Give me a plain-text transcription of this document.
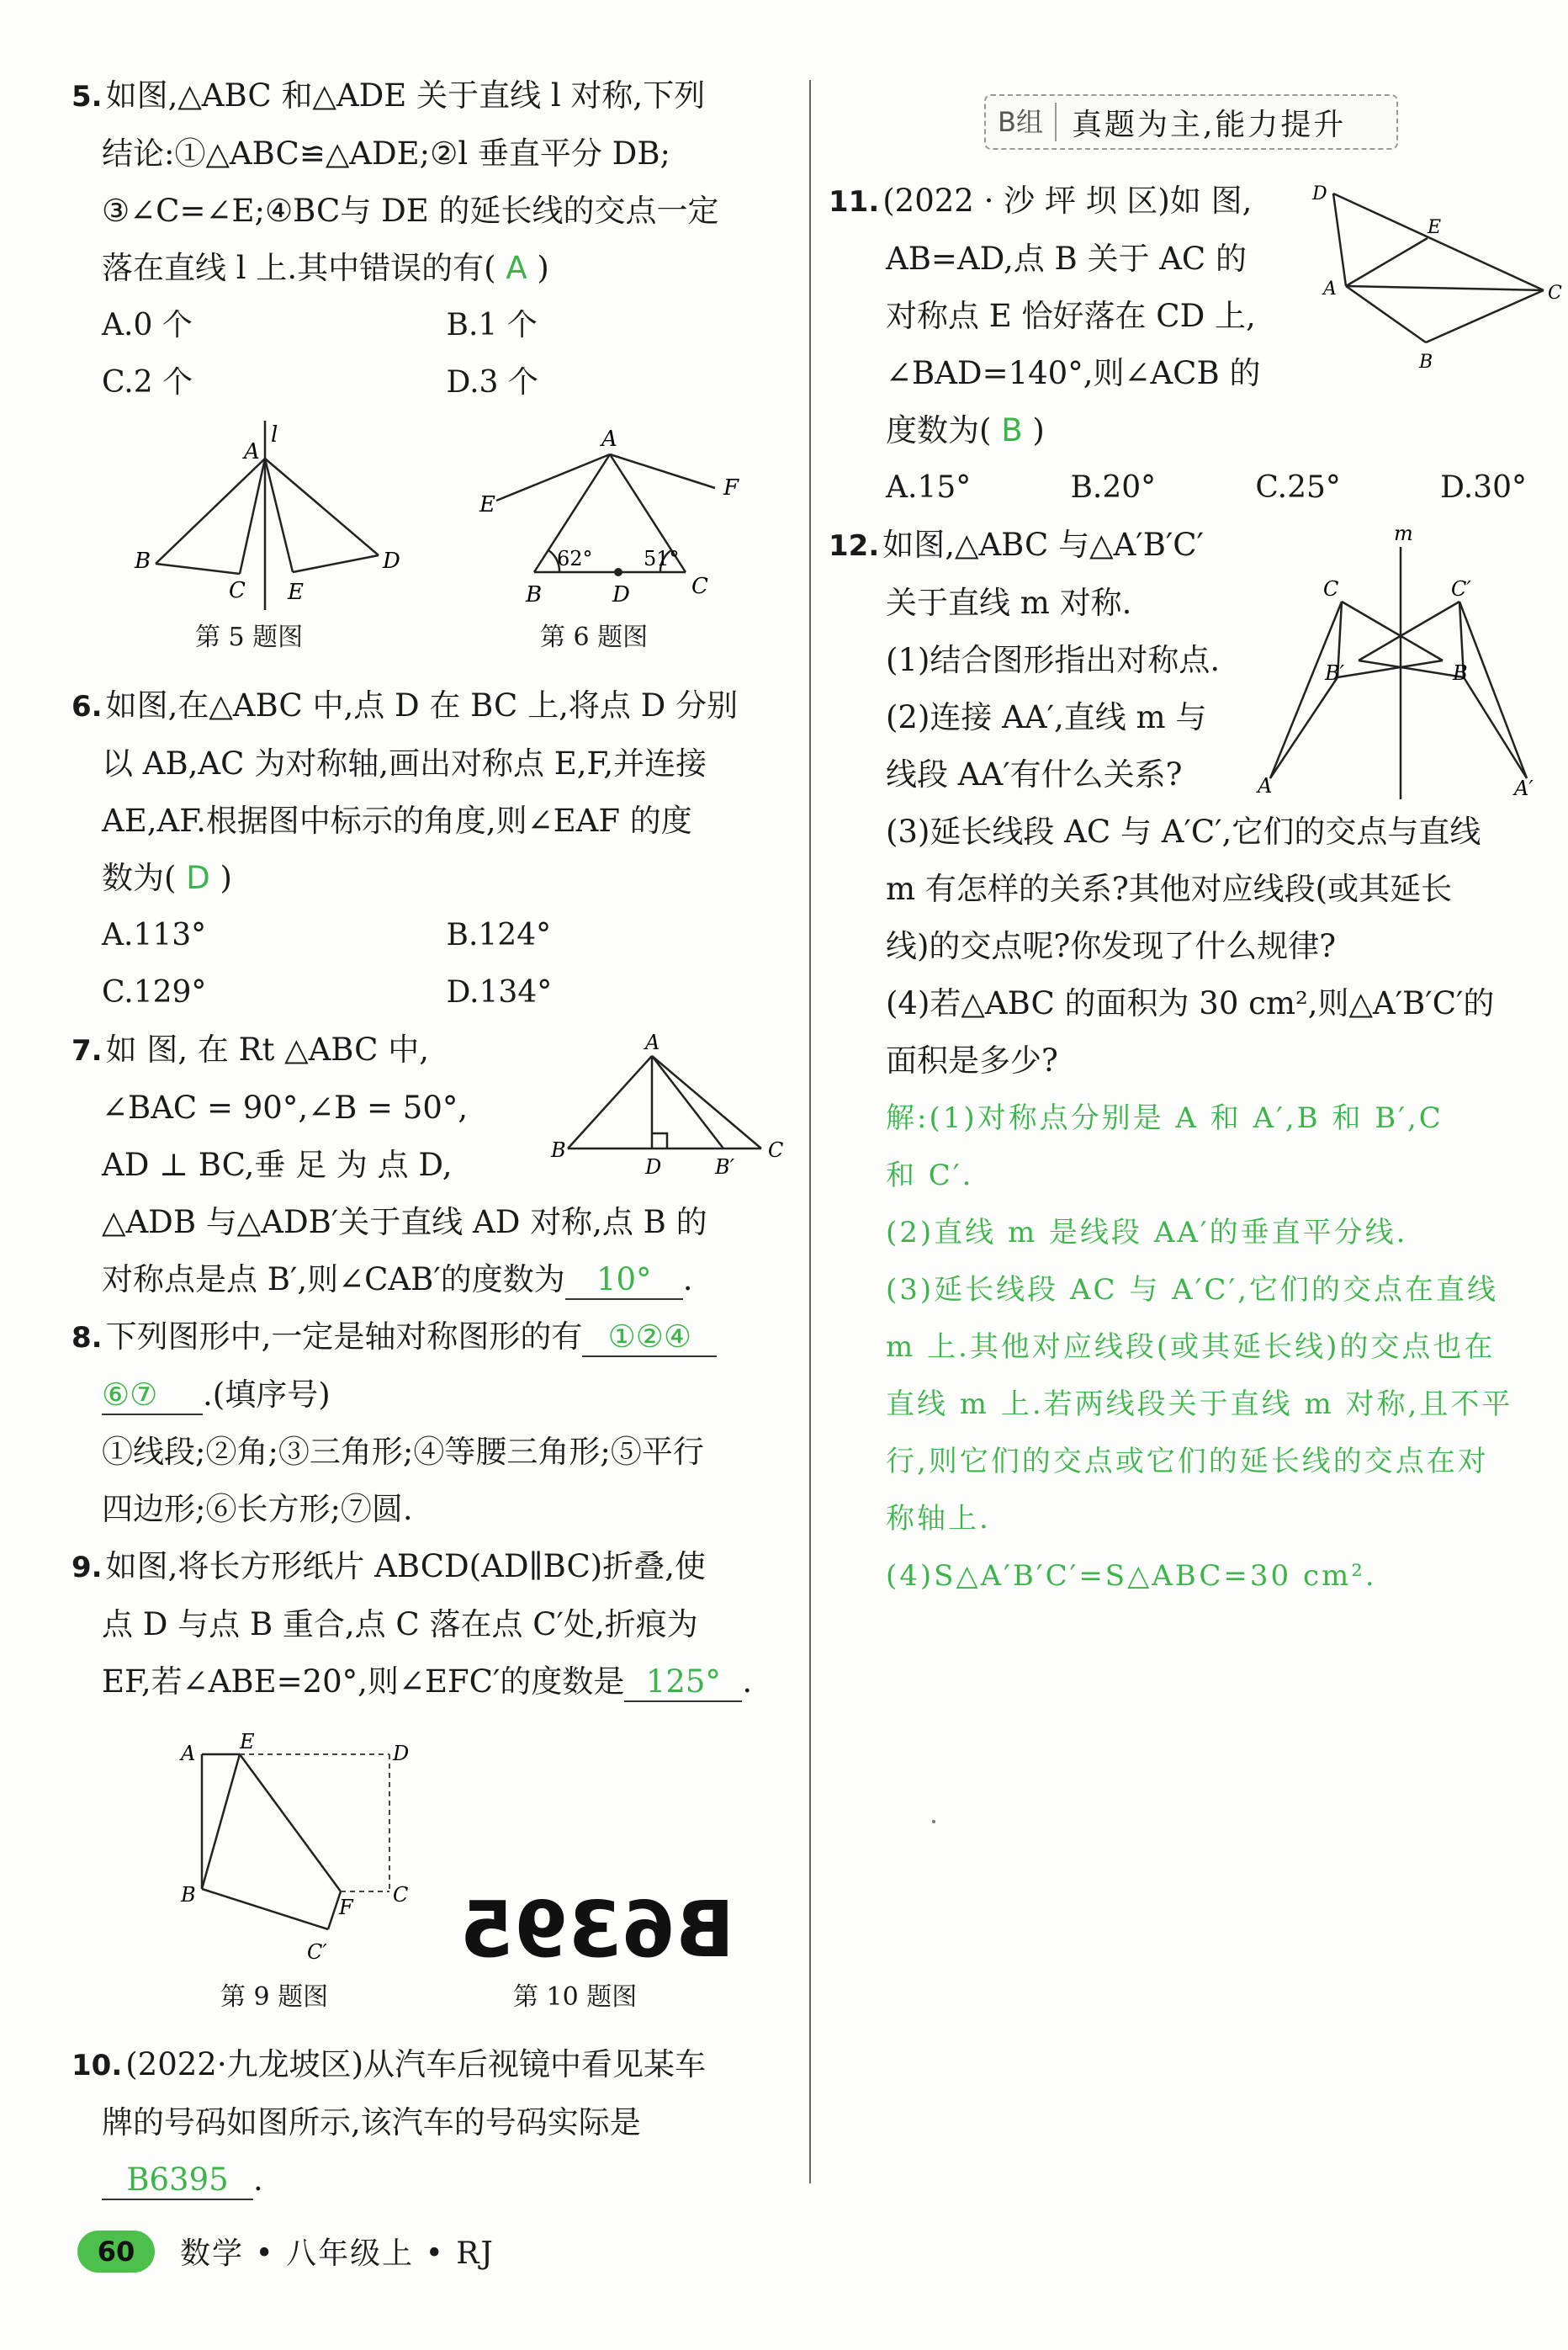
5. 如图,△ABC 和△ADE 关于直线 l 对称,下列
结论:①△ABC≌△ADE;②l 垂直平分 DB;
③∠C=∠E;④BC与 DE 的延长线的交点一定
落在直线 l 上.其中错误的有( A )
A.0 个	B.1 个
C.2 个	D.3 个
A
l
B
C E
D
第 5 题图
A
E
F
B	D	C
62°	51°
第 6 题图
6. 如图,在△ABC 中,点 D 在 BC 上,将点 D 分别
以 AB,AC 为对称轴,画出对称点 E,F,并连接
AE,AF.根据图中标示的角度,则∠EAF 的度
数为( D )
A.113°	B.124°
C.129°	D.134°
7. 如 图, 在 Rt △ABC 中,
∠BAC = 90°,∠B = 50°,
AD ⊥ BC,垂 足 为 点 D,
△ADB 与△ADB′关于直线 AD 对称,点 B 的
对称点是点 B′,则∠CAB′的度数为 10° .
8. 下列图形中,一定是轴对称图形的有 ①②④
⑥⑦ .(填序号)
①线段;②角;③三角形;④等腰三角形;⑤平行
四边形;⑥长方形;⑦圆.
9. 如图,将长方形纸片 ABCD(AD∥BC)折叠,使
点 D 与点 B 重合,点 C 落在点 C′处,折痕为
EF,若∠ABE=20°,则∠EFC′的度数是 125° .
A
B
D	B′
C
A E	D
B	C
F
C′
第 9 题图
B6395
第 10 题图
10. (2022·九龙坡区)从汽车后视镜中看见某车
牌的号码如图所示,该汽车的号码实际是
B6395 .
B组 真题为主,能力提升
11. (2022 · 沙 坪 坝 区)如 图,
AB=AD,点 B 关于 AC 的
对称点 E 恰好落在 CD 上,
∠BAD=140°,则∠ACB 的
度数为( B )
A.15°	B.20°	C.25°	D.30°
12. 如图,△ABC 与△A′B′C′
关于直线 m 对称.
(1)结合图形指出对称点.
(2)连接 AA′,直线 m 与
线段 AA′有什么关系?
(3)延长线段 AC 与 A′C′,它们的交点与直线
m 有怎样的关系?其他对应线段(或其延长
线)的交点呢?你发现了什么规律?
(4)若△ABC 的面积为 30 cm²,则△A′B′C′的
面积是多少?
解:(1)对称点分别是 A 和 A′,B 和 B′,C
和 C′.
(2)直线 m 是线段 AA′的垂直平分线.
(3)延长线段 AC 与 A′C′,它们的交点在直线
m 上.其他对应线段(或其延长线)的交点也在
直线 m 上.若两线段关于直线 m 对称,且不平
行,则它们的交点或它们的延长线的交点在对
称轴上.
(4)S△A′B′C′=S△ABC=30 cm².
D
E
A	C
B
m
C	C′
B′	B
A	A′
60	数学 • 八年级上 • RJ
